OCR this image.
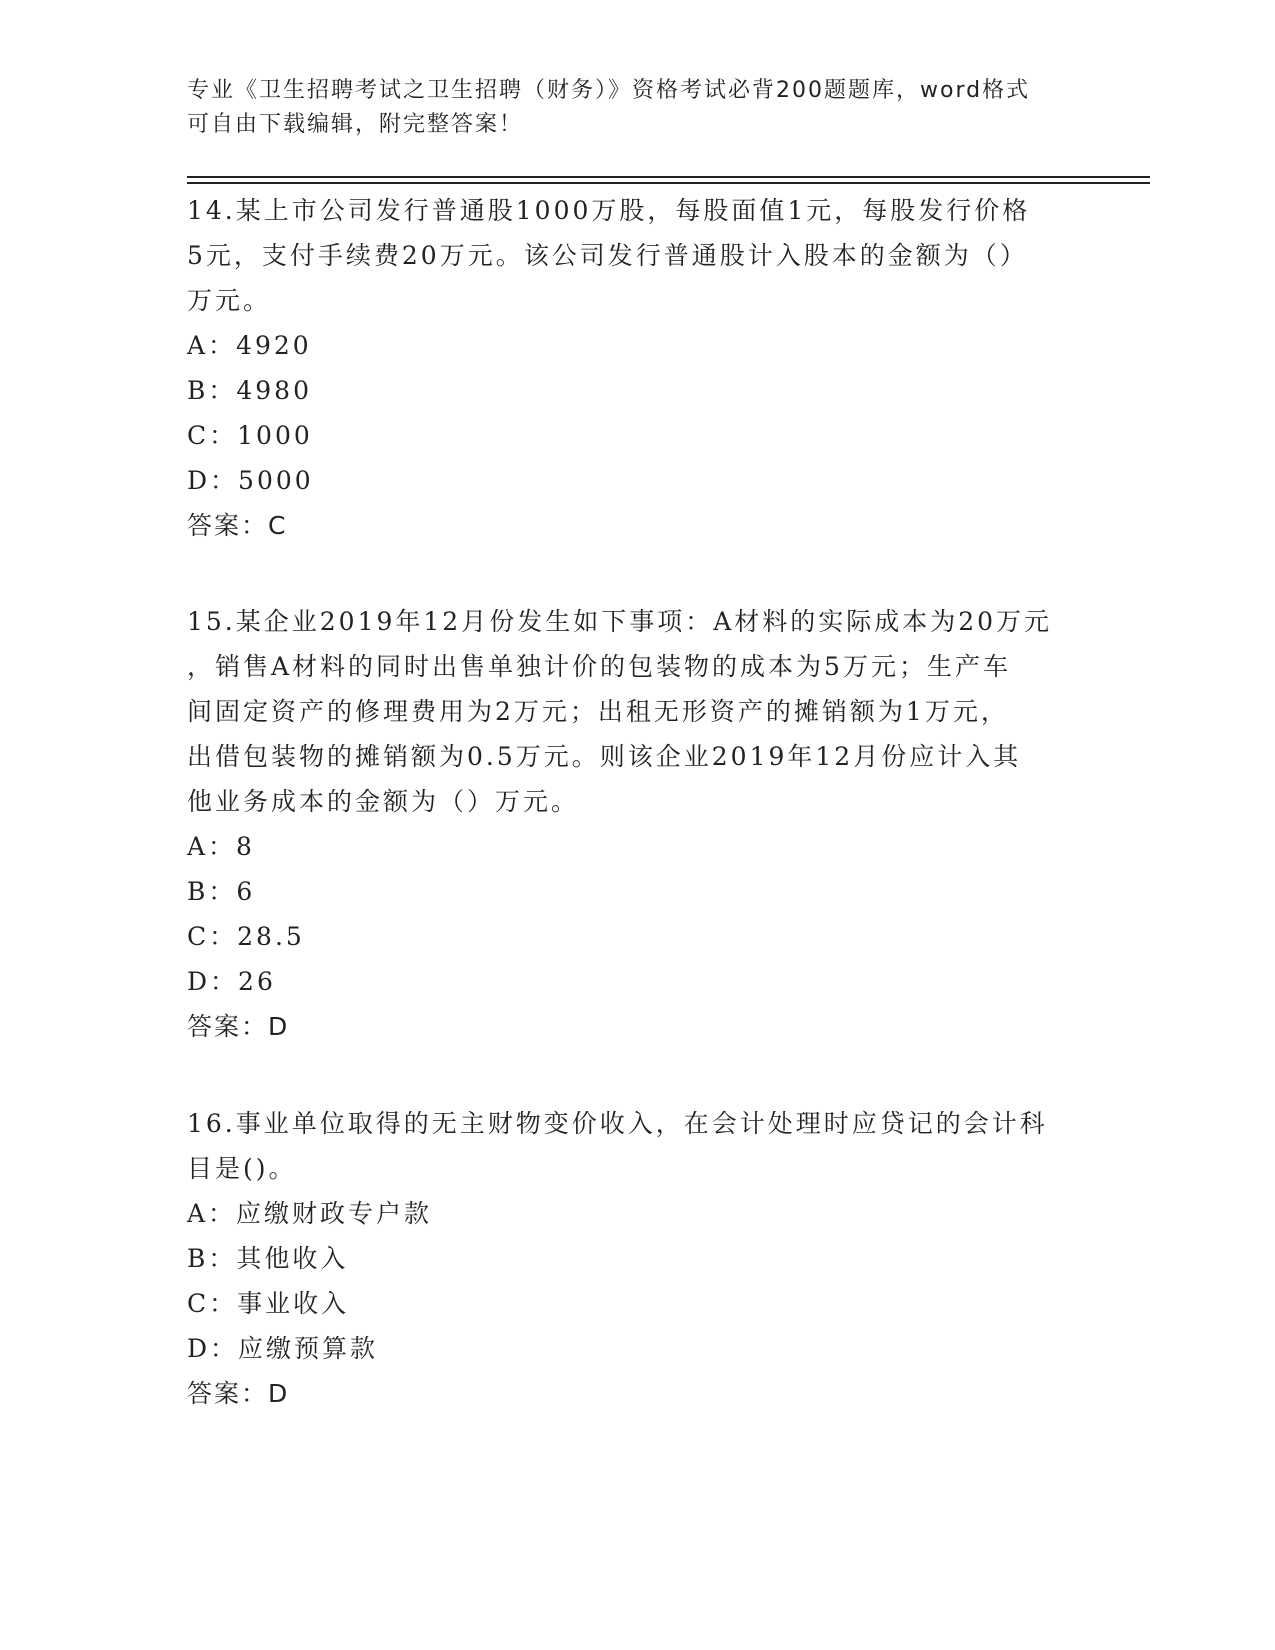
专业《卫生招聘考试之卫生招聘（财务）》资格考试必背200题题库，word格式
可自由下载编辑，附完整答案！
14.某上市公司发行普通股1000万股，每股面值1元，每股发行价格
5元，支付手续费20万元。该公司发行普通股计入股本的金额为（）
万元。
A：4920
B：4980
C：1000
D：5000
答案：C
15.某企业2019年12月份发生如下事项：A材料的实际成本为20万元
，销售A材料的同时出售单独计价的包装物的成本为5万元；生产车
间固定资产的修理费用为2万元；出租无形资产的摊销额为1万元，
出借包装物的摊销额为0.5万元。则该企业2019年12月份应计入其
他业务成本的金额为（）万元。
A：8
B：6
C：28.5
D：26
答案：D
16.事业单位取得的无主财物变价收入，在会计处理时应贷记的会计科
目是()。
A：应缴财政专户款
B：其他收入
C：事业收入
D：应缴预算款
答案：D
